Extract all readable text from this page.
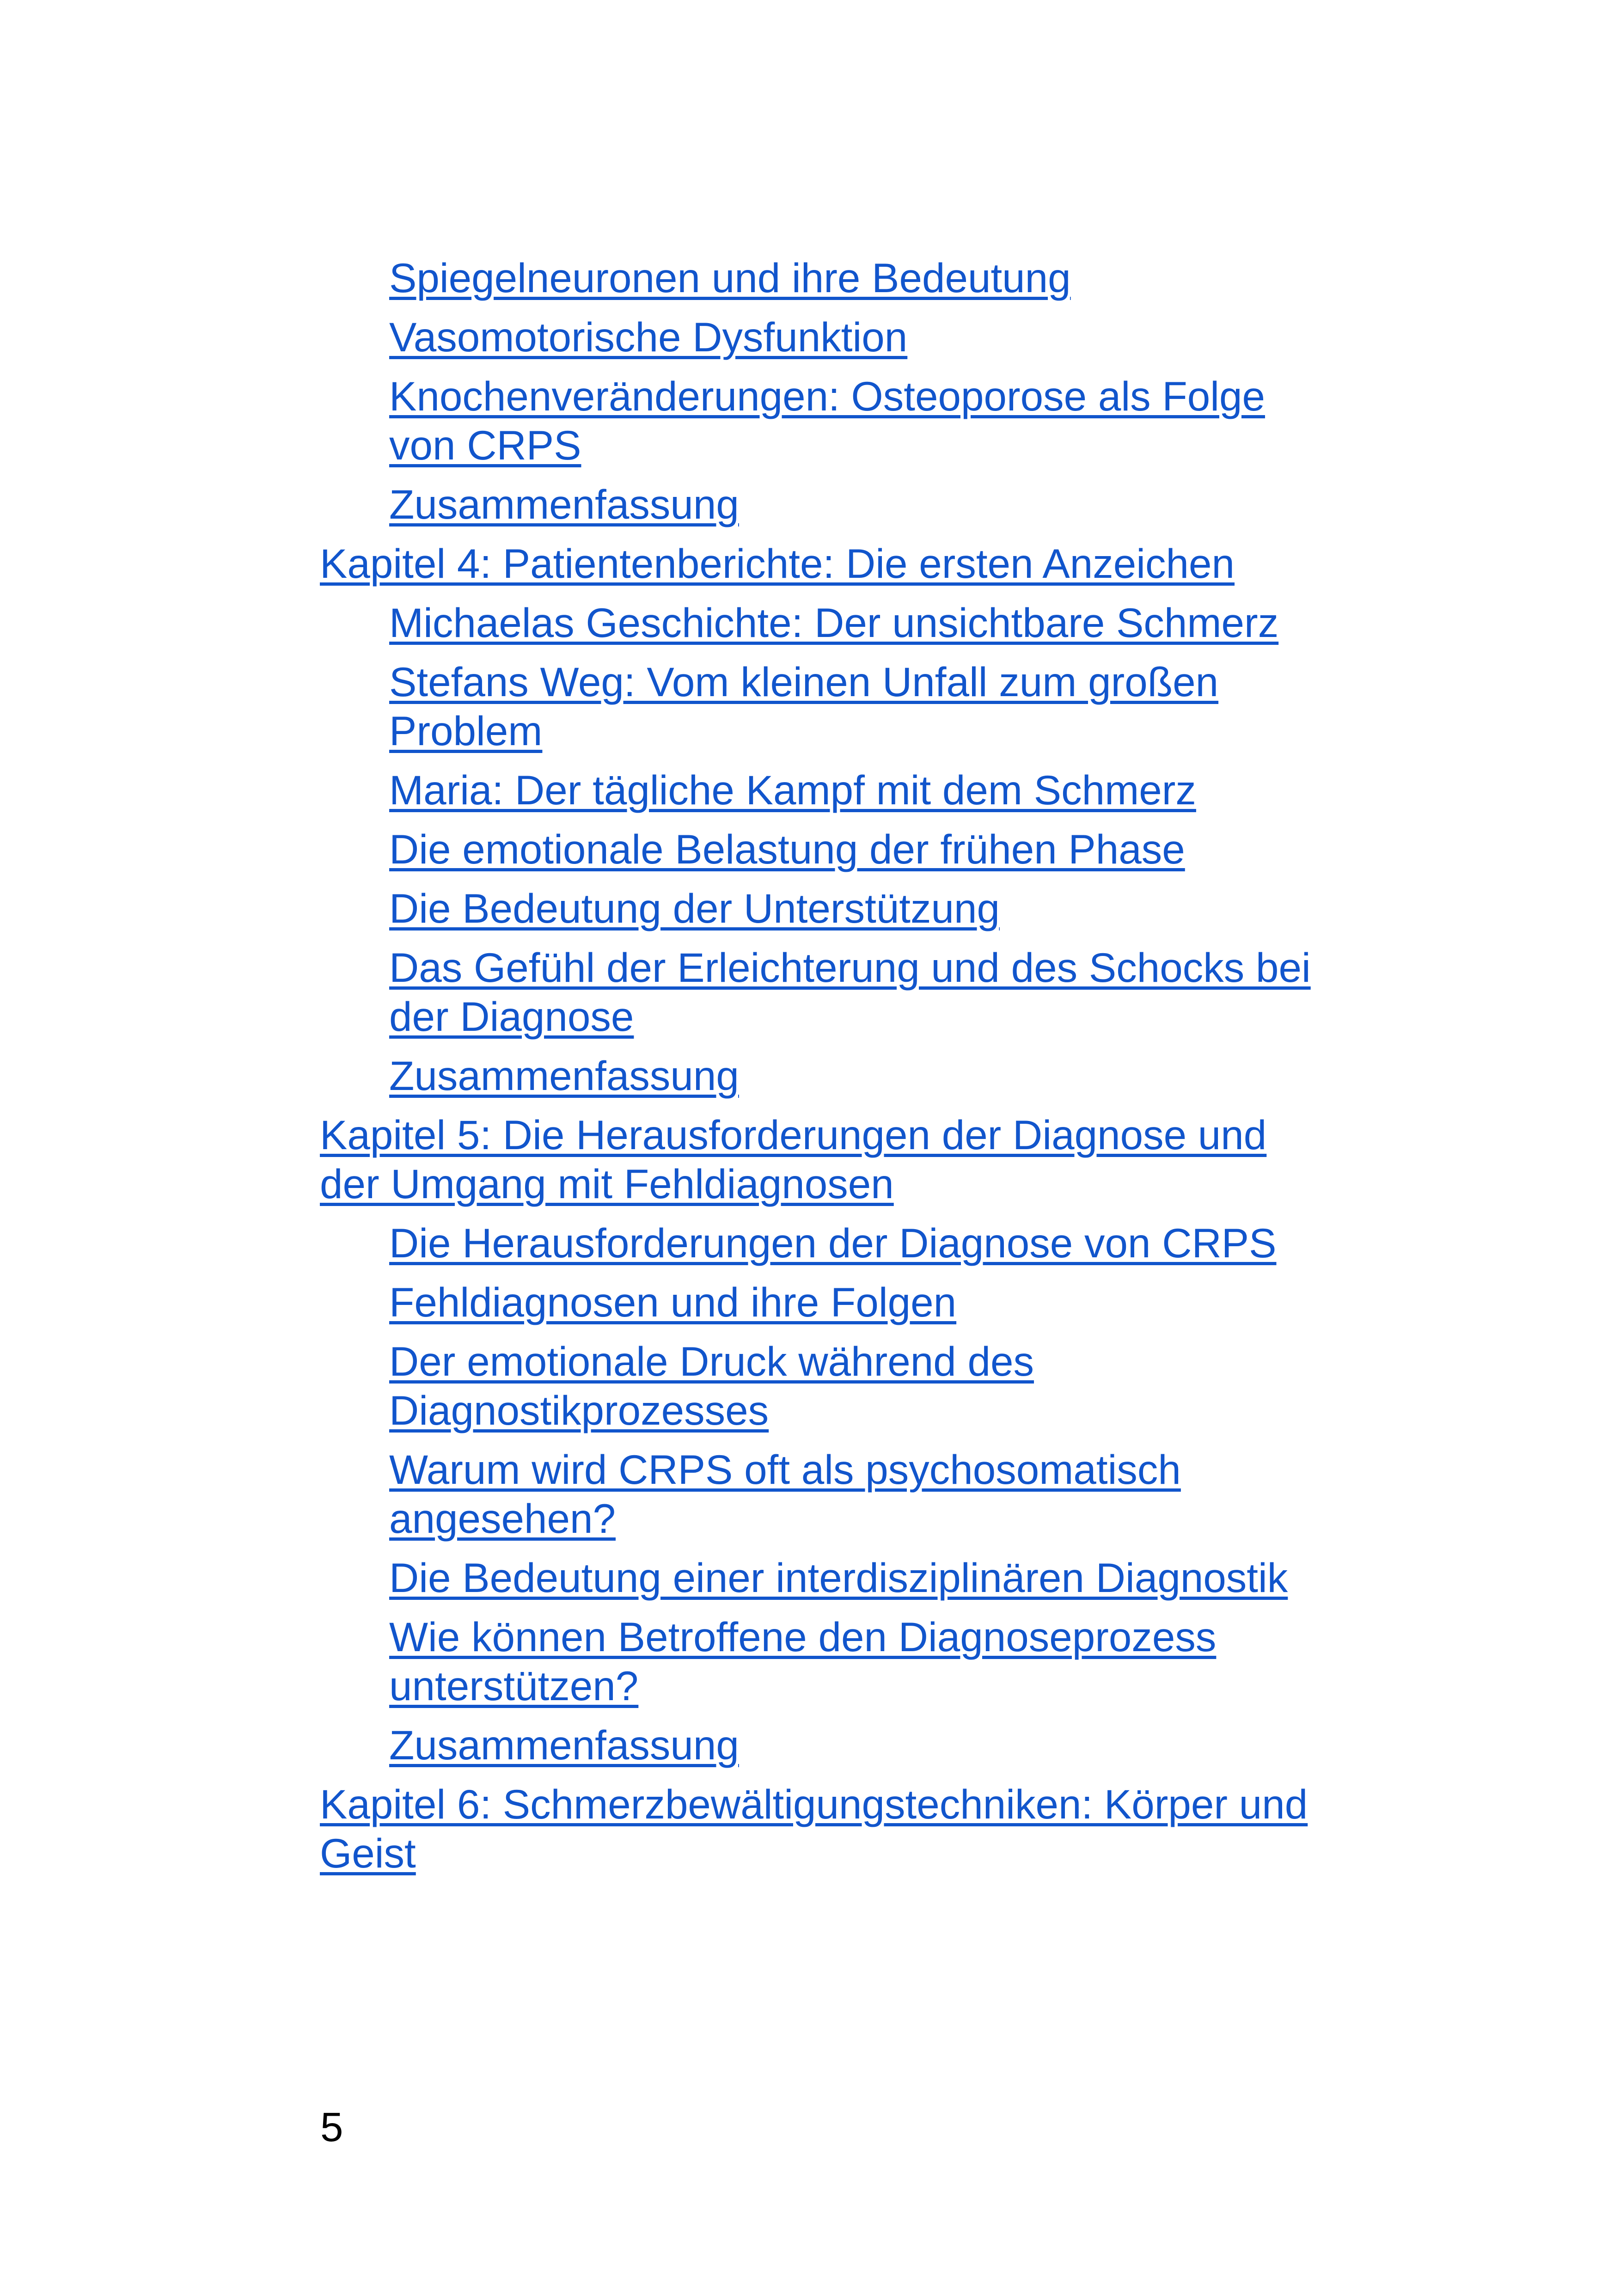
Spiegelneuronen und ihre Bedeutung
Vasomotorische Dysfunktion
Knochenveränderungen: Osteoporose als Folge von CRPS
Zusammenfassung
Kapitel 4: Patientenberichte: Die ersten Anzeichen
Michaelas Geschichte: Der unsichtbare Schmerz
Stefans Weg: Vom kleinen Unfall zum großen Problem
Maria: Der tägliche Kampf mit dem Schmerz
Die emotionale Belastung der frühen Phase
Die Bedeutung der Unterstützung
Das Gefühl der Erleichterung und des Schocks bei der Diagnose
Zusammenfassung
Kapitel 5: Die Herausforderungen der Diagnose und der Umgang mit Fehldiagnosen
Die Herausforderungen der Diagnose von CRPS
Fehldiagnosen und ihre Folgen
Der emotionale Druck während des Diagnostikprozesses
Warum wird CRPS oft als psychosomatisch angesehen?
Die Bedeutung einer interdisziplinären Diagnostik
Wie können Betroffene den Diagnoseprozess unterstützen?
Zusammenfassung
Kapitel 6: Schmerzbewältigungstechniken: Körper und Geist
5
